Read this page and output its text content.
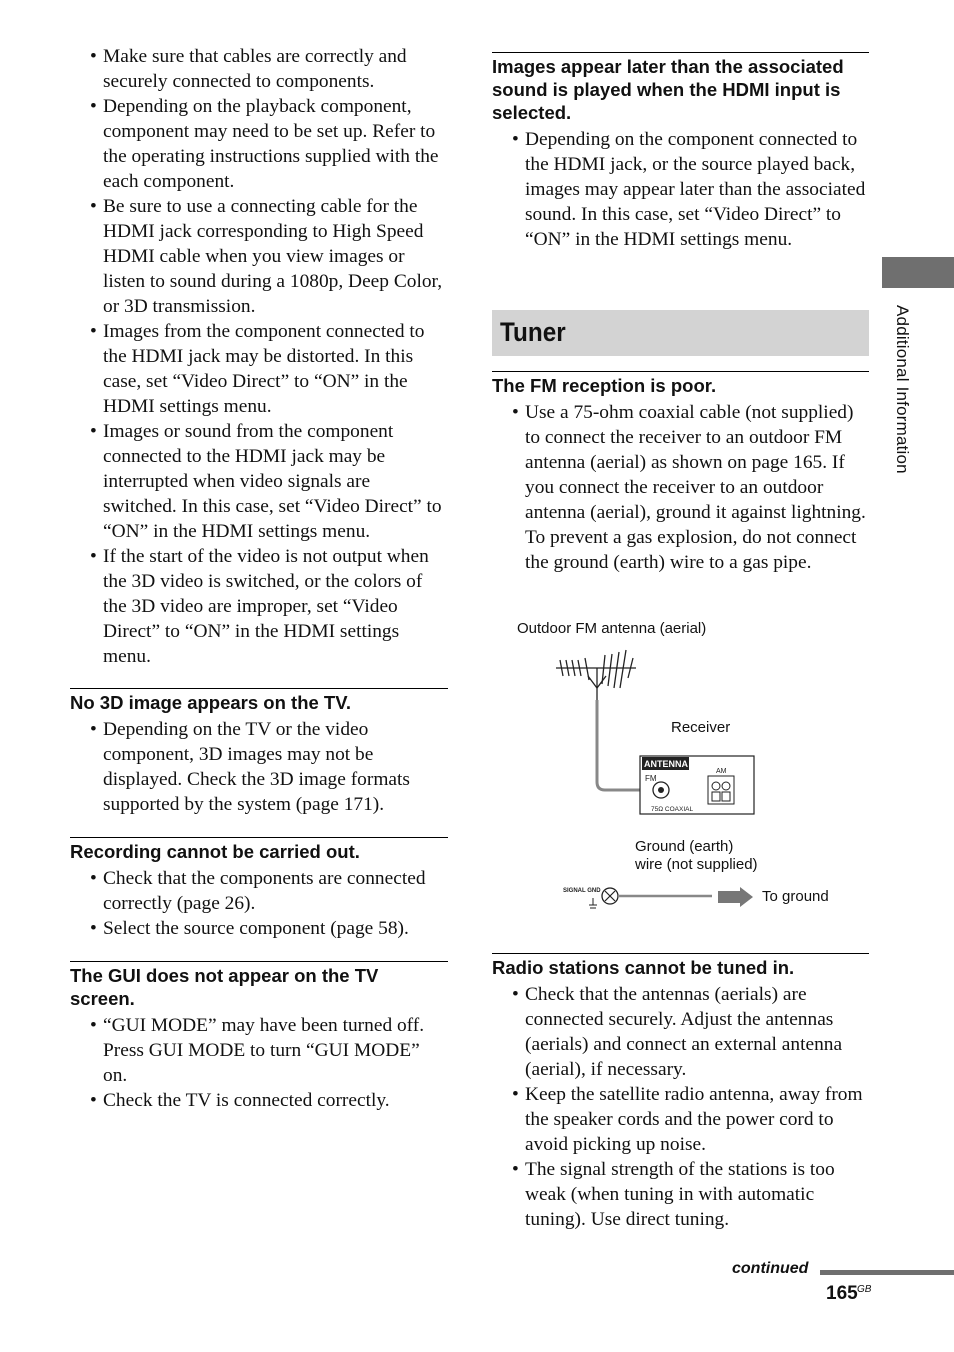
• Make sure that cables are correctly and securely connected to components.
• Depending on the playback component, component may need to be set up. Refer to the operating instructions supplied with the each component.
• Be sure to use a connecting cable for the HDMI jack corresponding to High Speed HDMI cable when you view images or listen to sound during a 1080p, Deep Color, or 3D transmission.
• Images from the component connected to the HDMI jack may be distorted. In this case, set “Video Direct” to “ON” in the HDMI settings menu.
• Images or sound from the component connected to the HDMI jack may be interrupted when video signals are switched. In this case, set “Video Direct” to “ON” in the HDMI settings menu.
• If the start of the video is not output when the 3D video is switched, or the colors of the 3D video are improper, set “Video Direct” to “ON” in the HDMI settings menu.
No 3D image appears on the TV.
• Depending on the TV or the video component, 3D images may not be displayed. Check the 3D image formats supported by the system (page 171).
Recording cannot be carried out.
• Check that the components are connected correctly (page 26).
• Select the source component (page 58).
The GUI does not appear on the TV screen.
• “GUI MODE” may have been turned off. Press GUI MODE to turn “GUI MODE” on.
• Check the TV is connected correctly.
Images appear later than the associated sound is played when the HDMI input is selected.
• Depending on the component connected to the HDMI jack, or the source played back, images may appear later than the associated sound. In this case, set “Video Direct” to “ON” in the HDMI settings menu.
Tuner
The FM reception is poor.
• Use a 75-ohm coaxial cable (not supplied) to connect the receiver to an outdoor FM antenna (aerial) as shown on page 165. If you connect the receiver to an outdoor antenna (aerial), ground it against lightning. To prevent a gas explosion, do not connect the ground (earth) wire to a gas pipe.
Outdoor FM antenna (aerial)
Receiver
Ground (earth)
wire (not supplied)
To ground
ANTENNA
FM
75Ω COAXIAL
AM
SIGNAL GND
Radio stations cannot be tuned in.
• Check that the antennas (aerials) are connected securely. Adjust the antennas (aerials) and connect an external antenna (aerial), if necessary.
• Keep the satellite radio antenna, away from the speaker cords and the power cord to avoid picking up noise.
• The signal strength of the stations is too weak (when tuning in with automatic tuning). Use direct tuning.
Additional Information
continued
165 GB
